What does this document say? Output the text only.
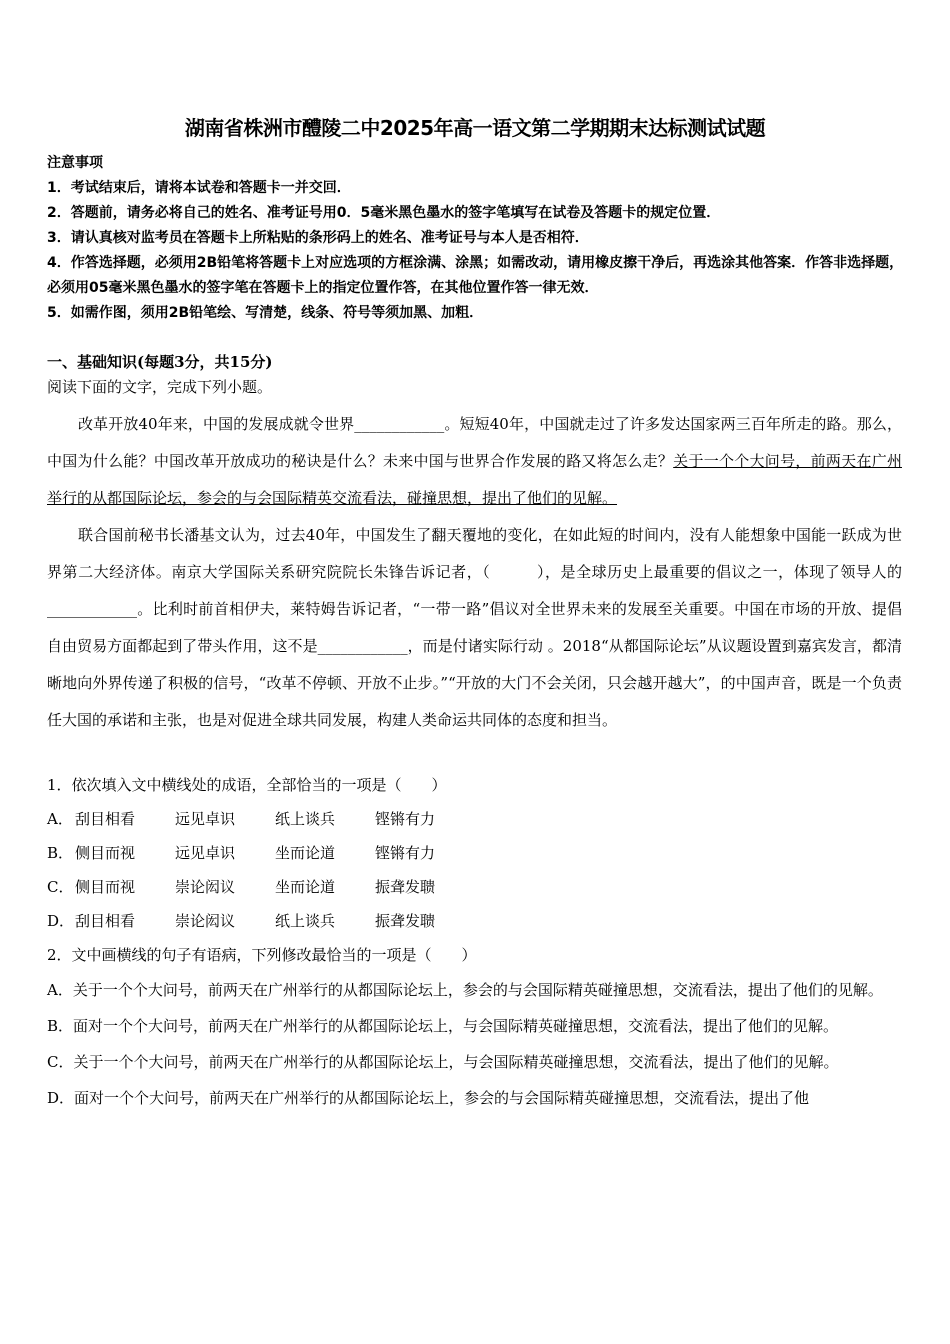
湖南省株洲市醴陵二中2025年高一语文第二学期期末达标测试试题
注意事项
1．考试结束后，请将本试卷和答题卡一并交回．
2．答题前，请务必将自己的姓名、准考证号用0．5毫米黑色墨水的签字笔填写在试卷及答题卡的规定位置．
3．请认真核对监考员在答题卡上所粘贴的条形码上的姓名、准考证号与本人是否相符．
4．作答选择题，必须用2B铅笔将答题卡上对应选项的方框涂满、涂黑；如需改动，请用橡皮擦干净后，再选涂其他答案．作答非选择题，必须用05毫米黑色墨水的签字笔在答题卡上的指定位置作答，在其他位置作答一律无效．
5．如需作图，须用2B铅笔绘、写清楚，线条、符号等须加黑、加粗．
一、基础知识(每题3分，共15分)
阅读下面的文字，完成下列小题。

改革开放40年来，中国的发展成就令世界____________。短短40年，中国就走过了许多发达国家两三百年所走的路。那么，中国为什么能？中国改革开放成功的秘诀是什么？未来中国与世界合作发展的路又将怎么走？关于一个个大问号，前两天在广州举行的从都国际论坛，参会的与会国际精英交流看法，碰撞思想，提出了他们的见解。

联合国前秘书长潘基文认为，过去40年，中国发生了翻天覆地的变化，在如此短的时间内，没有人能想象中国能一跃成为世界第二大经济体。南京大学国际关系研究院院长朱锋告诉记者，（　　　），是全球历史上最重要的倡议之一，体现了领导人的____________。比利时前首相伊夫，莱特姆告诉记者，“一带一路”倡议对全世界未来的发展至关重要。中国在市场的开放、提倡自由贸易方面都起到了带头作用，这不是____________，而是付诸实际行动 。2018“从都国际论坛”从议题设置到嘉宾发言，都清晰地向外界传递了积极的信号，“改革不停顿、开放不止步。”“开放的大门不会关闭，只会越开越大”，的中国声音，既是一个负责任大国的承诺和主张，也是对促进全球共同发展，构建人类命运共同体的态度和担当。

1．依次填入文中横线处的成语，全部恰当的一项是（　　）
A． 刮目相看	远见卓识	纸上谈兵	铿锵有力
B． 侧目而视	远见卓识	坐而论道	铿锵有力
C． 侧目而视	崇论闳议	坐而论道	振聋发聩
D． 刮目相看	崇论闳议	纸上谈兵	振聋发聩
2．文中画横线的句子有语病，下列修改最恰当的一项是（　　）
A．关于一个个大问号，前两天在广州举行的从都国际论坛上，参会的与会国际精英碰撞思想，交流看法，提出了他们的见解。
B．面对一个个大问号，前两天在广州举行的从都国际论坛上，与会国际精英碰撞思想，交流看法，提出了他们的见解。
C．关于一个个大问号，前两天在广州举行的从都国际论坛上，与会国际精英碰撞思想，交流看法，提出了他们的见解。
D．面对一个个大问号，前两天在广州举行的从都国际论坛上，参会的与会国际精英碰撞思想，交流看法，提出了他
